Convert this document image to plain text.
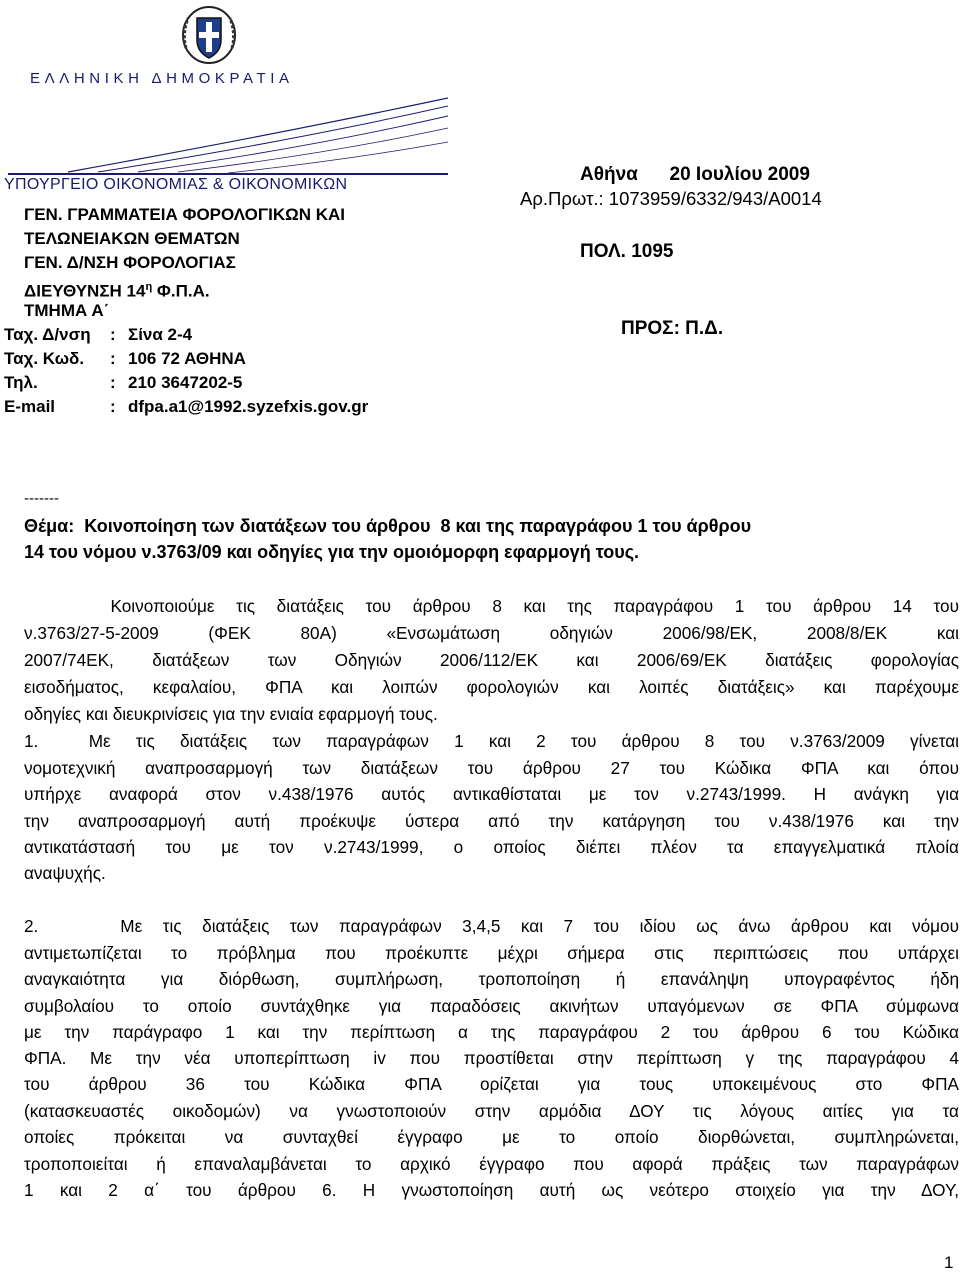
ΕΛΛΗΝΙΚΗ ΔΗΜΟΚΡΑΤΙΑ
ΥΠΟΥΡΓΕΙΟ ΟΙΚΟΝΟΜΙΑΣ & ΟΙΚΟΝΟΜΙΚΩΝ
ΓΕΝ. ΓΡΑΜΜΑΤΕΙΑ ΦΟΡΟΛΟΓΙΚΩΝ ΚΑΙ
ΤΕΛΩΝΕΙΑΚΩΝ ΘΕΜΑΤΩΝ
ΓΕΝ. Δ/ΝΣΗ ΦΟΡΟΛΟΓΙΑΣ
ΔΙΕΥΘΥΝΣΗ $14^\eta$ Φ.Π.Α.
ΤΜΗΜΑ Α΄
Ταχ. Δ/νση : Σίνα 2-4
Ταχ. Κωδ. : 106 72 ΑΘΗΝΑ
Τηλ.	: 210 3647202-5
E-mail	: dfpa.a1@1992.syzefxis.gov.gr
Αθήνα      20 Ιουλίου 2009
Αρ.Πρωτ.: 1073959/6332/943/Α0014
ΠΟΛ. 1095
ΠΡΟΣ: Π.Δ.
-------
Θέμα:  Κοινοποίηση των διατάξεων του άρθρου  8 και της παραγράφου 1 του άρθρου
14 του νόμου ν.3763/09 και οδηγίες για την ομοιόμορφη εφαρμογή τους.
Κοινοποιούμε τις διατάξεις του άρθρου 8 και της παραγράφου 1 του άρθρου 14 του
ν.3763/27-5-2009 (ΦΕΚ 80Α) «Ενσωμάτωση οδηγιών 2006/98/ΕΚ, 2008/8/ΕΚ και
2007/74ΕΚ, διατάξεων των Οδηγιών 2006/112/ΕΚ και 2006/69/ΕΚ διατάξεις φορολογίας
εισοδήματος, κεφαλαίου, ΦΠΑ και λοιπών φορολογιών και λοιπές διατάξεις» και παρέχουμε
οδηγίες και διευκρινίσεις για την ενιαία εφαρμογή τους.
1.  Με τις διατάξεις των παραγράφων 1 και 2 του άρθρου 8 του ν.3763/2009 γίνεται
νομοτεχνική αναπροσαρμογή των διατάξεων του άρθρου 27 του Κώδικα ΦΠΑ και όπου
υπήρχε αναφορά στον ν.438/1976 αυτός αντικαθίσταται με τον ν.2743/1999. Η ανάγκη για
την αναπροσαρμογή αυτή προέκυψε ύστερα από την κατάργηση του ν.438/1976 και την
αντικατάστασή του με τον ν.2743/1999, ο οποίος διέπει πλέον τα επαγγελματικά πλοία
αναψυχής.
2.    Με τις διατάξεις των παραγράφων 3,4,5 και 7 του ιδίου ως άνω άρθρου και νόμου
αντιμετωπίζεται το πρόβλημα που προέκυπτε μέχρι σήμερα στις περιπτώσεις που υπάρχει
αναγκαιότητα για διόρθωση, συμπλήρωση, τροποποίηση ή επανάληψη υπογραφέντος ήδη
συμβολαίου το οποίο συντάχθηκε για παραδόσεις ακινήτων υπαγόμενων σε ΦΠΑ σύμφωνα
με την παράγραφο 1 και την περίπτωση α της παραγράφου 2 του άρθρου 6 του Κώδικα
ΦΠΑ. Με την νέα υποπερίπτωση iv που προστίθεται στην περίπτωση γ της παραγράφου 4
του άρθρου 36 του Κώδικα ΦΠΑ ορίζεται για τους υποκειμένους στο ΦΠΑ
(κατασκευαστές οικοδομών) να γνωστοποιούν στην αρμόδια ΔΟΥ τις λόγους αιτίες για τα
οποίες πρόκειται να συνταχθεί έγγραφο με το οποίο διορθώνεται, συμπληρώνεται,
τροποποιείται ή επαναλαμβάνεται το αρχικό έγγραφο που αφορά πράξεις των παραγράφων
1 και 2 α΄ του άρθρου 6. Η γνωστοποίηση αυτή ως νεότερο στοιχείο για την ΔΟΥ,
1
